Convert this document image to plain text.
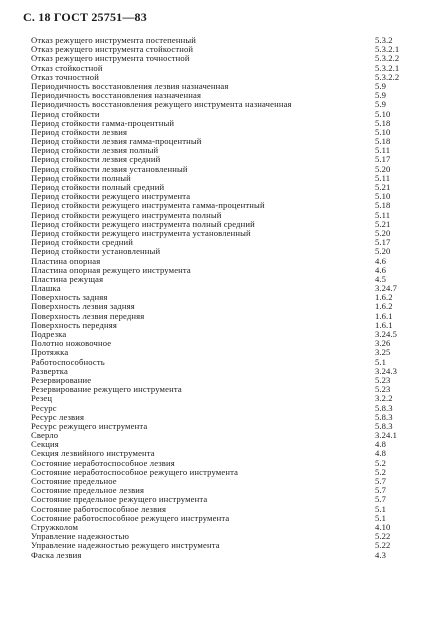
С. 18 ГОСТ 25751—83
Отказ режущего инструмента постепенный	5.3.2
Отказ режущего инструмента стойкостной	5.3.2.1
Отказ режущего инструмента точностной	5.3.2.2
Отказ стойкостной	5.3.2.1
Отказ точностной	5.3.2.2
Периодичность восстановления лезвия назначенная	5.9
Периодичность восстановления назначенная	5.9
Периодичность восстановления режущего инструмента назначенная	5.9
Период стойкости	5.10
Период стойкости гамма-процентный	5.18
Период стойкости лезвия	5.10
Период стойкости лезвия гамма-процентный	5.18
Период стойкости лезвия полный	5.11
Период стойкости лезвия средний	5.17
Период стойкости лезвия установленный	5.20
Период стойкости полный	5.11
Период стойкости полный средний	5.21
Период стойкости режущего инструмента	5.10
Период стойкости режущего инструмента гамма-процентный	5.18
Период стойкости режущего инструмента полный	5.11
Период стойкости режущего инструмента полный средний	5.21
Период стойкости режущего инструмента установленный	5.20
Период стойкости средний	5.17
Период стойкости установленный	5.20
Пластина опорная	4.6
Пластина опорная режущего инструмента	4.6
Пластина режущая	4.5
Плашка	3.24.7
Поверхность задняя	1.6.2
Поверхность лезвия задняя	1.6.2
Поверхность лезвия передняя	1.6.1
Поверхность передняя	1.6.1
Подрезка	3.24.5
Полотно ножовочное	3.26
Протяжка	3.25
Работоспособность	5.1
Развертка	3.24.3
Резервирование	5.23
Резервирование режущего инструмента	5.23
Резец	3.2.2
Ресурс	5.8.3
Ресурс лезвия	5.8.3
Ресурс режущего инструмента	5.8.3
Сверло	3.24.1
Секция	4.8
Секция лезвийного инструмента	4.8
Состояние неработоспособное лезвия	5.2
Состояние неработоспособное режущего инструмента	5.2
Состояние предельное	5.7
Состояние предельное лезвия	5.7
Состояние предельное режущего инструмента	5.7
Состояние работоспособное лезвия	5.1
Состояние работоспособное режущего инструмента	5.1
Стружколом	4.10
Управление надежностью	5.22
Управление надежностью режущего инструмента	5.22
Фаска лезвия	4.3
